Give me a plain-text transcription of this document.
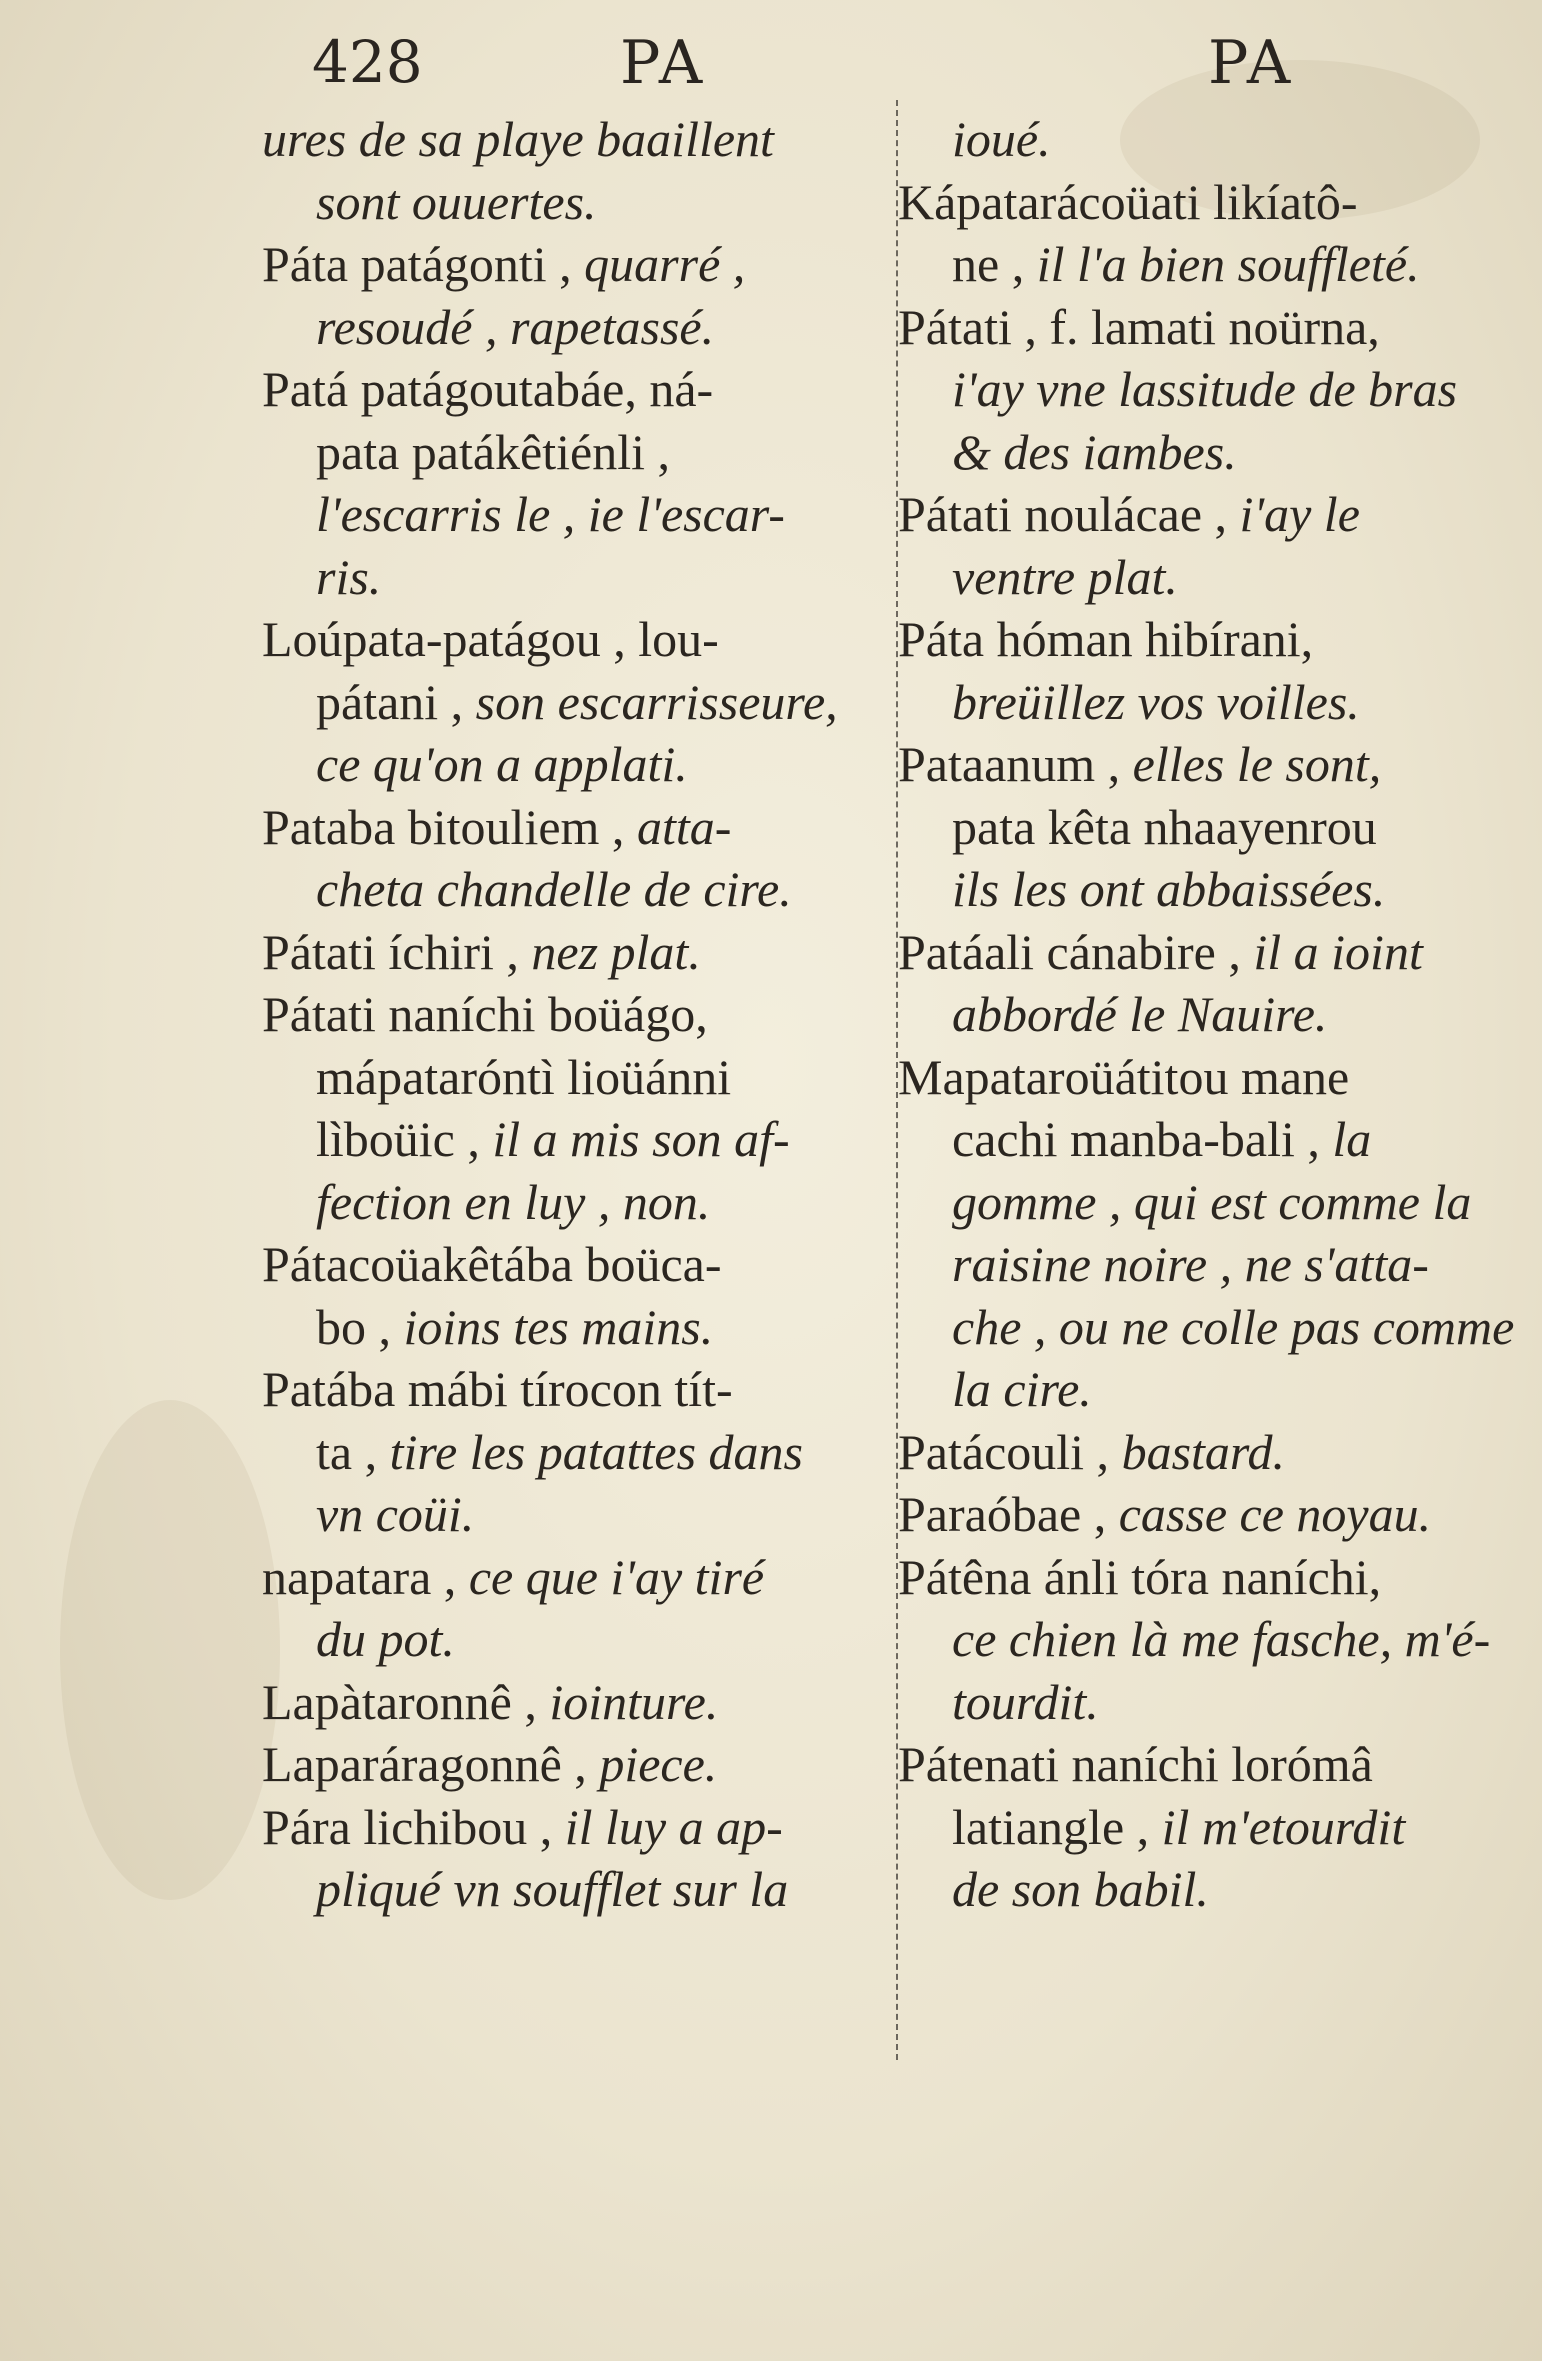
428	PA	PA
ures de sa playe baaillent
sont ouuertes.
Páta patágonti , quarré ,
resoudé , rapetassé.
Patá patágoutabáe, ná-
pata patákêtiénli ,
l'escarris le , ie l'escar-
ris.
Loúpata-patágou , lou-
pátani , son escarrisseure,
ce qu'on a applati.
Pataba bitouliem , atta-
cheta chandelle de cire.
Pátati íchiri , nez plat.
Pátati naníchi boüágo,
mápataróntì lioüánni
lìboüic , il a mis son af-
fection en luy , non.
Pátacoüakêtába boüca-
bo , ioins tes mains.
Patába mábi tírocon tít-
ta , tire les patattes dans
vn coüi.
napatara , ce que i'ay tiré
du pot.
Lapàtaronnê , iointure.
Laparáragonnê , piece.
Pára lichibou , il luy a ap-
pliqué vn soufflet sur la
ioué.
Kápatarácoüati likíatô-
ne , il l'a bien souffleté.
Pátati , f. lamati noürna,
i'ay vne lassitude de bras
& des iambes.
Pátati noulácae , i'ay le
ventre plat.
Páta hóman hibírani,
breüillez vos voilles.
Pataanum , elles le sont,
pata kêta nhaayenrou
ils les ont abbaissées.
Patáali cánabire , il a ioint
abbordé le Nauire.
Mapataroüátitou mane
cachi manba-bali , la
gomme , qui est comme la
raisine noire , ne s'atta-
che , ou ne colle pas comme
la cire.
Patácouli , bastard.
Paraóbae , casse ce noyau.
Pátêna ánli tóra naníchi,
ce chien là me fasche, m'é-
tourdit.
Pátenati naníchi lorómâ
latiangle , il m'etourdit
de son babil.
